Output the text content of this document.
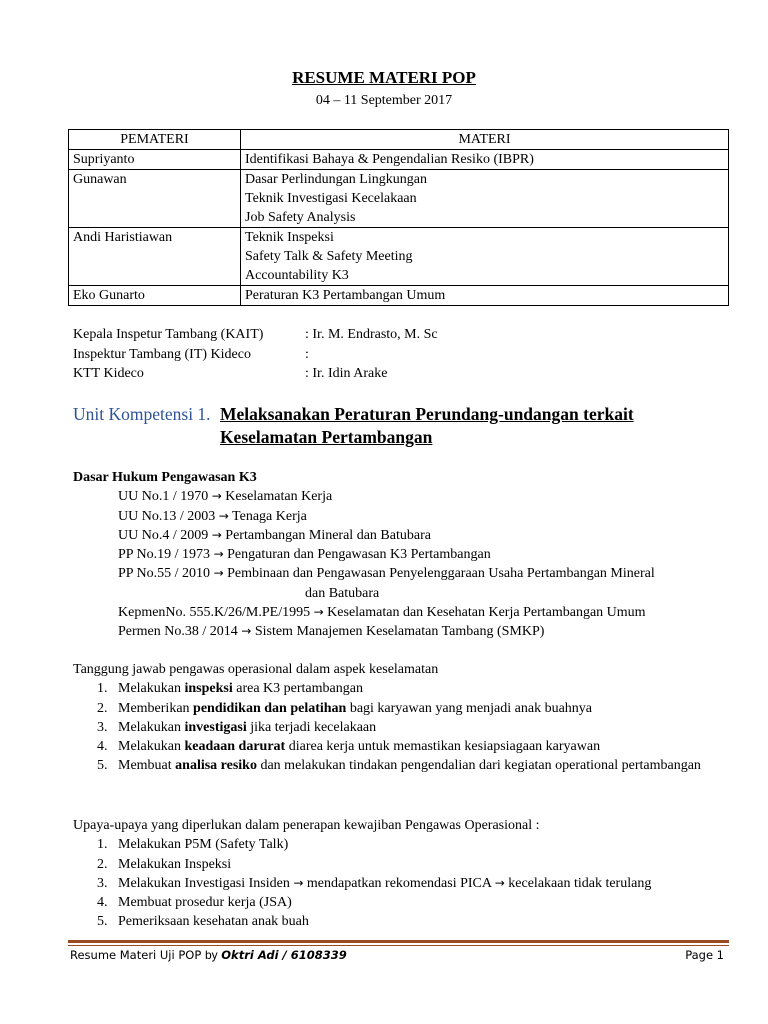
RESUME MATERI POP
04 – 11 September 2017
PEMATERI	MATERI
Supriyanto	Identifikasi Bahaya & Pengendalian Resiko (IBPR)

Gunawan	Dasar Perlindungan Lingkungan
Teknik Investigasi Kecelakaan
Job Safety Analysis

Andi Haristiawan	Teknik Inspeksi
Safety Talk & Safety Meeting
Accountability K3

Eko Gunarto	Peraturan K3 Pertambangan Umum
Kepala Inspetur Tambang (KAIT)	: Ir. M. Endrasto, M. Sc
Inspektur Tambang (IT) Kideco	:
KTT Kideco	: Ir. Idin Arake
Unit Kompetensi 1. Melaksanakan Peraturan Perundang-undangan terkait
Keselamatan Pertambangan
Dasar Hukum Pengawasan K3
UU No.1 / 1970 → Keselamatan Kerja
UU No.13 / 2003 → Tenaga Kerja
UU No.4 / 2009 → Pertambangan Mineral dan Batubara
PP No.19 / 1973 → Pengaturan dan Pengawasan K3 Pertambangan
PP No.55 / 2010 → Pembinaan dan Pengawasan Penyelenggaraan Usaha Pertambangan Mineral
dan Batubara
KepmenNo. 555.K/26/M.PE/1995 → Keselamatan dan Kesehatan Kerja Pertambangan Umum
Permen No.38 / 2014 → Sistem Manajemen Keselamatan Tambang (SMKP)
Tanggung jawab pengawas operasional dalam aspek keselamatan
1. Melakukan inspeksi area K3 pertambangan
2. Memberikan pendidikan dan pelatihan bagi karyawan yang menjadi anak buahnya
3. Melakukan investigasi jika terjadi kecelakaan
4. Melakukan keadaan darurat diarea kerja untuk memastikan kesiapsiagaan karyawan
5. Membuat analisa resiko dan melakukan tindakan pengendalian dari kegiatan operational pertambangan
Upaya-upaya yang diperlukan dalam penerapan kewajiban Pengawas Operasional :
1. Melakukan P5M (Safety Talk)
2. Melakukan Inspeksi
3. Melakukan Investigasi Insiden → mendapatkan rekomendasi PICA → kecelakaan tidak terulang
4. Membuat prosedur kerja (JSA)
5. Pemeriksaan kesehatan anak buah
Resume Materi Uji POP by Oktri Adi / 6108339	Page 1
